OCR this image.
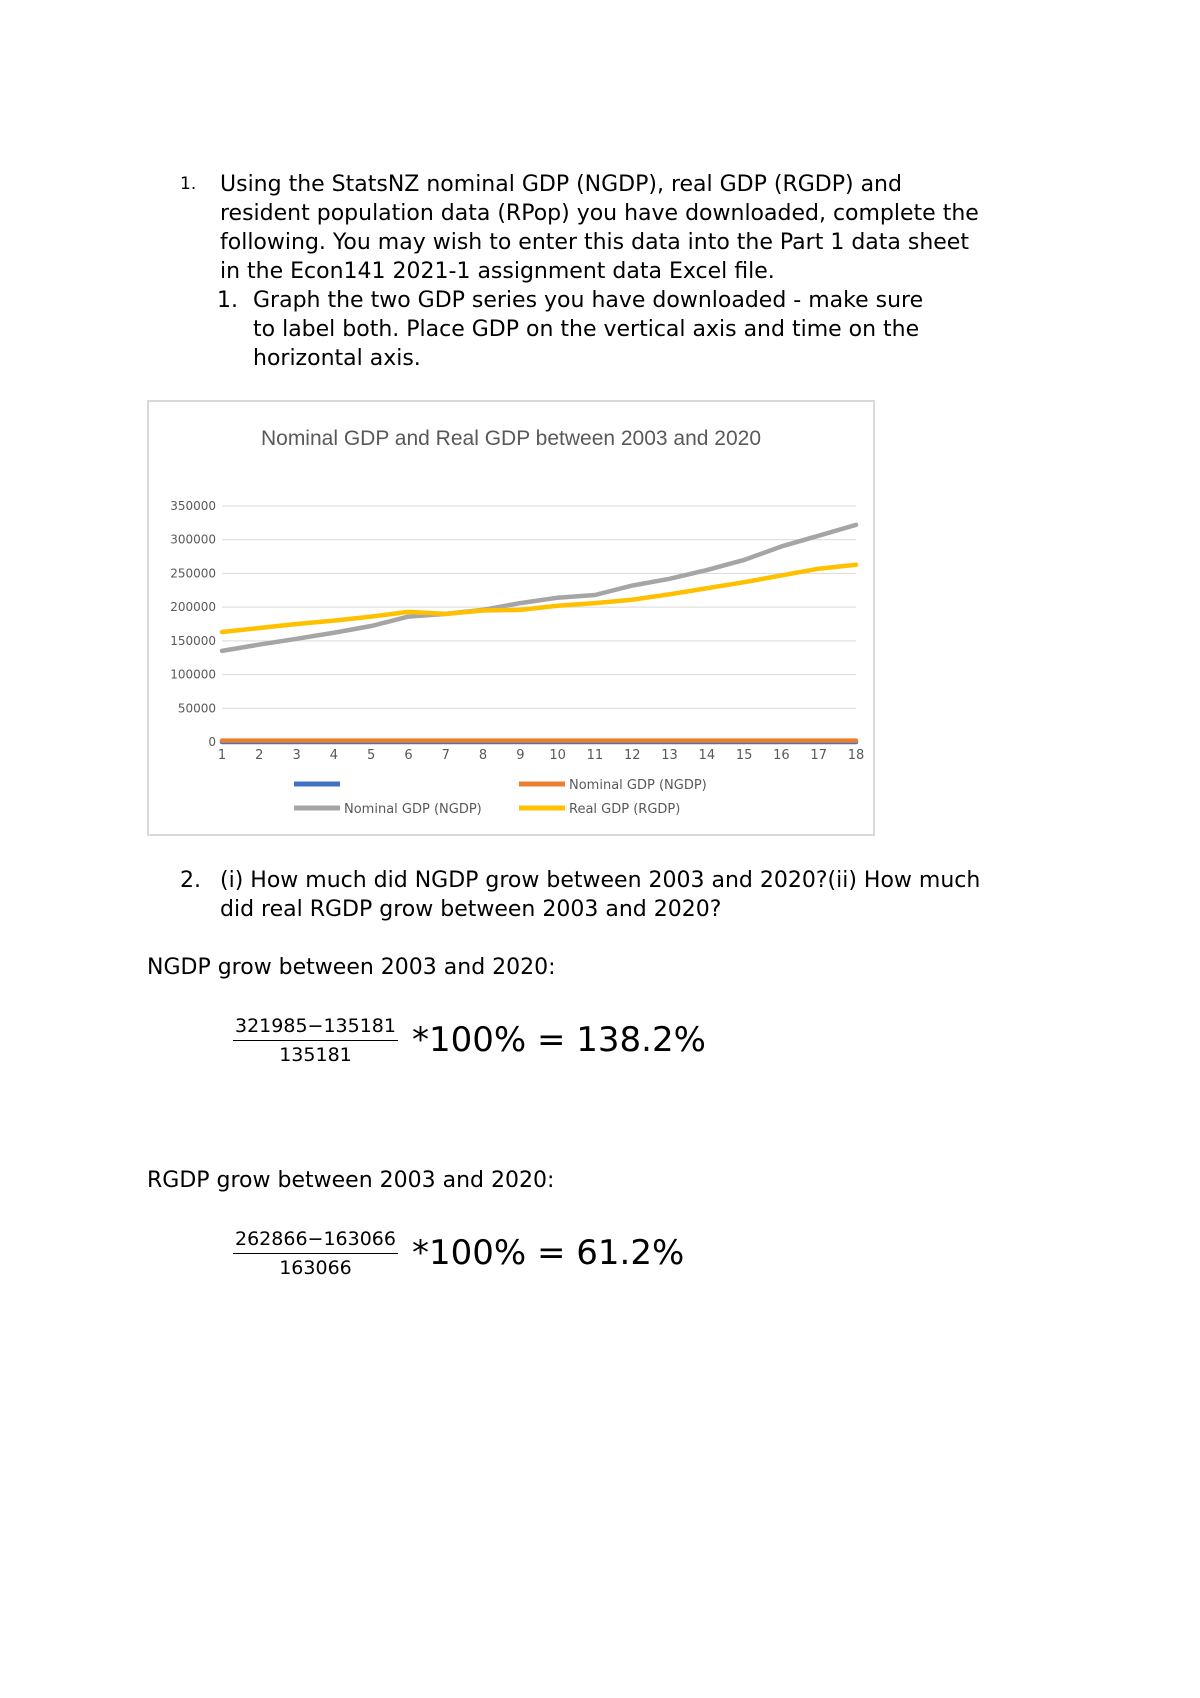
1. Using the StatsNZ nominal GDP (NGDP), real GDP (RGDP) and
resident population data (RPop) you have downloaded, complete the
following. You may wish to enter this data into the Part 1 data sheet
in the Econ141 2021-1 assignment data Excel file.
1. Graph the two GDP series you have downloaded - make sure
to label both. Place GDP on the vertical axis and time on the
horizontal axis.
Nominal GDP and Real GDP between 2003 and 2020
0
50000
100000
150000
200000
250000
300000
350000
1 2 3 4 5 6 7 8 9 10 11 12 13 14 15 16 17 18
Nominal GDP (NGDP)
Nominal GDP (NGDP)	Real GDP (RGDP)
2. (i) How much did NGDP grow between 2003 and 2020?(ii) How much
did real RGDP grow between 2003 and 2020?
NGDP grow between 2003 and 2020:
$\frac{321985-135181}{135181} *100\% = 138.2\%$
RGDP grow between 2003 and 2020:
$\frac{262866-163066}{163066} *100\% = 61.2\%$
